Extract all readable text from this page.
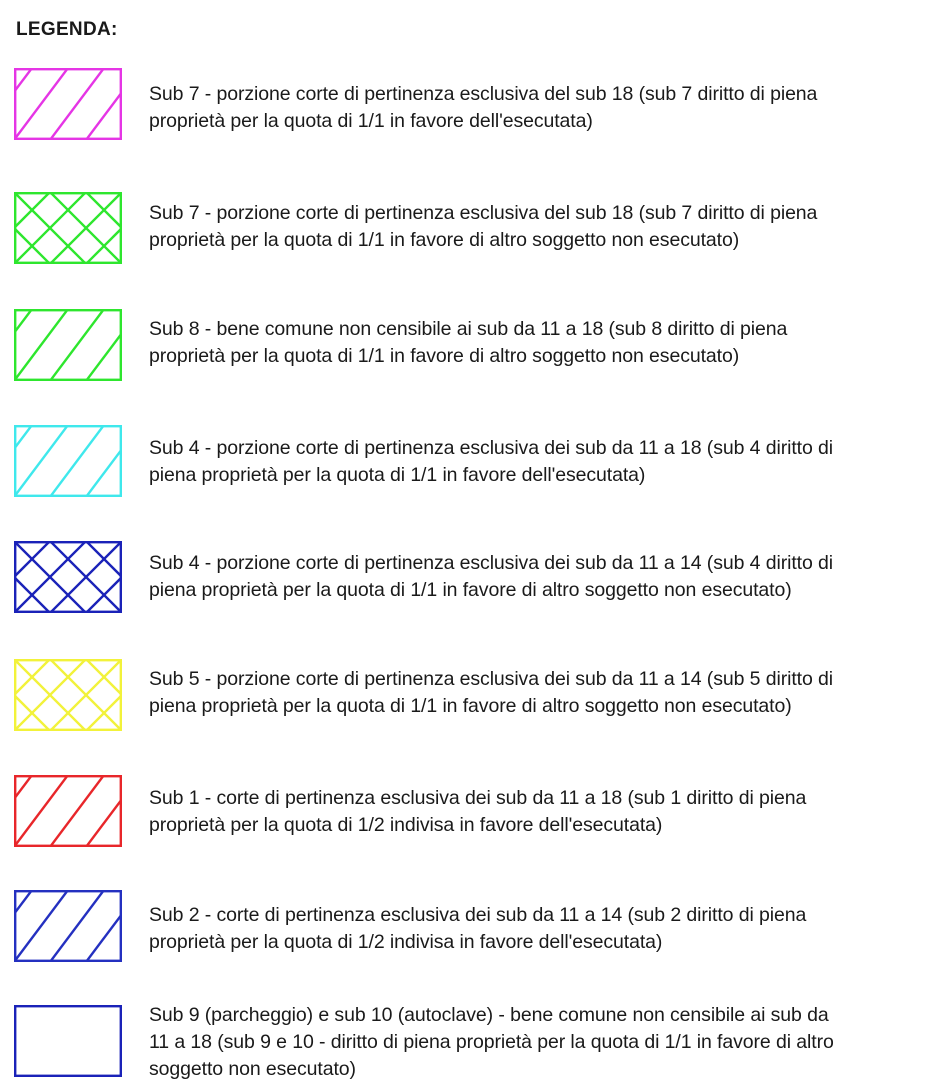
LEGENDA:
Sub 7 - porzione corte di pertinenza esclusiva del sub 18 (sub 7 diritto di piena
proprietà per la quota di 1/1 in favore dell'esecutata)
Sub 7 - porzione corte di pertinenza esclusiva del sub 18 (sub 7 diritto di piena
proprietà per la quota di 1/1 in favore di altro soggetto non esecutato)
Sub 8 - bene comune non censibile ai sub da 11 a 18 (sub 8 diritto di piena
proprietà per la quota di 1/1 in favore di altro soggetto non esecutato)
Sub 4 - porzione corte di pertinenza esclusiva dei sub da 11 a 18 (sub 4 diritto di
piena proprietà per la quota di 1/1 in favore dell'esecutata)
Sub 4 - porzione corte di pertinenza esclusiva dei sub da 11 a 14 (sub 4 diritto di
piena proprietà per la quota di 1/1 in favore di altro soggetto non esecutato)
Sub 5 - porzione corte di pertinenza esclusiva dei sub da 11 a 14 (sub 5 diritto di
piena proprietà per la quota di 1/1 in favore di altro soggetto non esecutato)
Sub 1 - corte di pertinenza esclusiva dei sub da 11 a 18 (sub 1 diritto di piena
proprietà per la quota di 1/2 indivisa in favore dell'esecutata)
Sub 2 - corte di pertinenza esclusiva dei sub da 11 a 14 (sub 2 diritto di piena
proprietà per la quota di 1/2 indivisa in favore dell'esecutata)
Sub 9 (parcheggio) e sub 10 (autoclave) - bene comune non censibile ai sub da
11 a 18 (sub 9 e 10 - diritto di piena proprietà per la quota di 1/1 in favore di altro
soggetto non esecutato)
